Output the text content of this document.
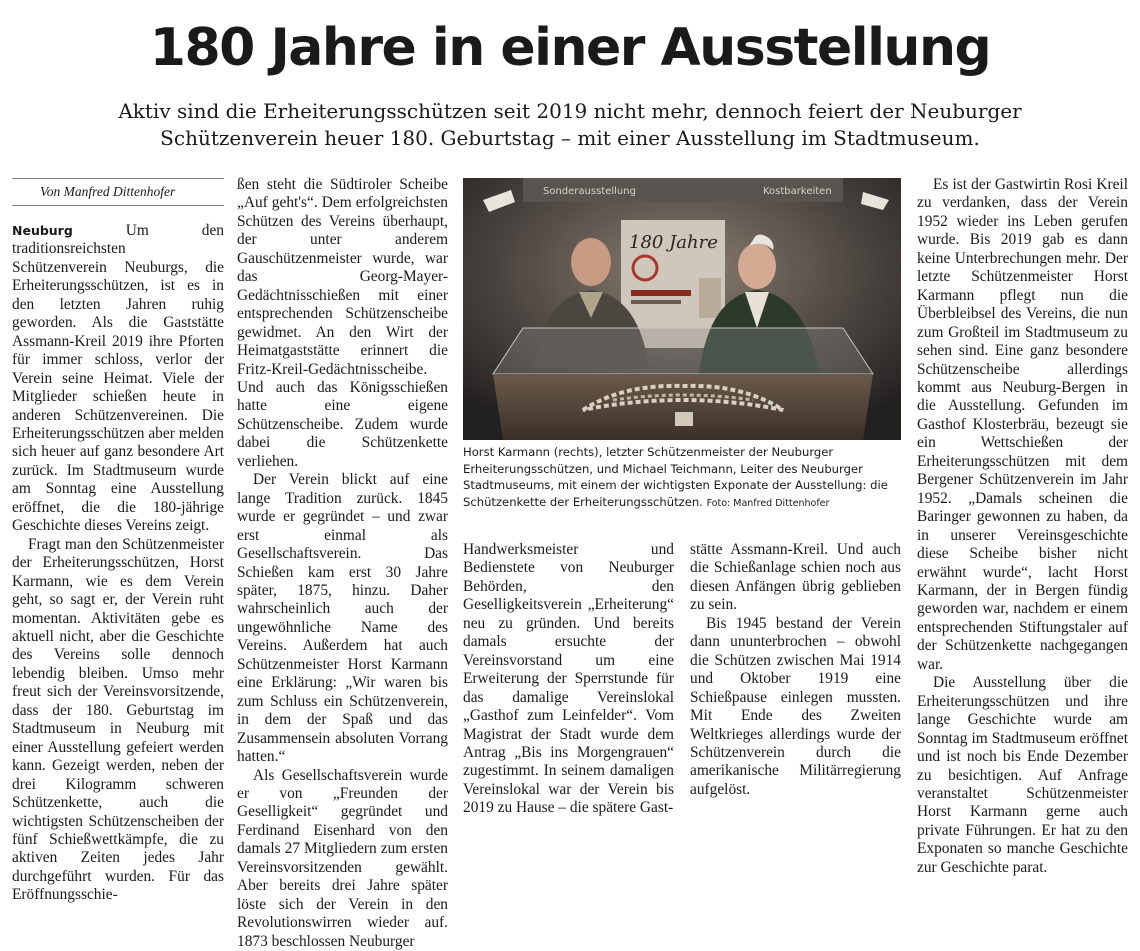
180 Jahre in einer Ausstellung
Aktiv sind die Erheiterungsschützen seit 2019 nicht mehr, dennoch feiert der Neuburger Schützenverein heuer 180. Geburtstag – mit einer Ausstellung im Stadtmuseum.
Von Manfred Dittenhofer

Neuburg	Um den traditionsreichsten Schützenverein Neuburgs, die Erheiterungsschützen, ist es in den letzten Jahren ruhig geworden. Als die Gaststätte Assmann-Kreil 2019 ihre Pforten für immer schloss, verlor der Verein seine Heimat. Viele der Mitglieder schießen heute in anderen Schützenvereinen. Die Erheiterungsschützen aber melden sich heuer auf ganz besondere Art zurück. Im Stadtmuseum wurde am Sonntag eine Ausstellung eröffnet, die die 180-jährige Geschichte dieses Vereins zeigt.

Fragt man den Schützenmeister der Erheiterungsschützen, Horst Karmann, wie es dem Verein geht, so sagt er, der Verein ruht momentan. Aktivitäten gebe es aktuell nicht, aber die Geschichte des Vereins solle dennoch lebendig bleiben. Umso mehr freut sich der Vereinsvorsitzende, dass der 180. Geburtstag im Stadtmuseum in Neuburg mit einer Ausstellung gefeiert werden kann. Gezeigt werden, neben der drei Kilogramm schweren Schützenkette, auch die wichtigsten Schützenscheiben der fünf Schießwettkämpfe, die zu aktiven Zeiten jedes Jahr durchgeführt wurden. Für das Eröffnungsschie-

ßen steht die Südtiroler Scheibe „Auf geht's“. Dem erfolgreichsten Schützen des Vereins überhaupt, der unter anderem Gauschützenmeister wurde, war das Georg-Mayer-Gedächtnisschießen mit einer entsprechenden Schützenscheibe gewidmet. An den Wirt der Heimatgaststätte erinnert die Fritz-Kreil-Gedächtnisscheibe. Und auch das Königsschießen hatte eine eigene Schützenscheibe. Zudem wurde dabei die Schützenkette verliehen.

Der Verein blickt auf eine lange Tradition zurück. 1845 wurde er gegründet – und zwar erst einmal als Gesellschaftsverein. Das Schießen kam erst 30 Jahre später, 1875, hinzu. Daher wahrscheinlich auch der ungewöhnliche Name des Vereins. Außerdem hat auch Schützenmeister Horst Karmann eine Erklärung: „Wir waren bis zum Schluss ein Schützenverein, in dem der Spaß und das Zusammensein absoluten Vorrang hatten.“

Als Gesellschaftsverein wurde er von „Freunden der Geselligkeit“ gegründet und Ferdinand Eisenhard von den damals 27 Mitgliedern zum ersten Vereinsvorsitzenden gewählt. Aber bereits drei Jahre später löste sich der Verein in den Revolutionswirren wieder auf. 1873 beschlossen Neuburger

Sonderausstellung	Kostbarkeiten
180 Jahre
Horst Karmann (rechts), letzter Schützenmeister der Neuburger Erheiterungsschützen, und Michael Teichmann, Leiter des Neuburger Stadtmuseums, mit einem der wichtigsten Exponate der Ausstellung: die Schützenkette der Erheiterungsschützen. Foto: Manfred Dittenhofer

Handwerksmeister und Bedienstete von Neuburger Behörden, den Geselligkeitsverein „Erheiterung“ neu zu gründen. Und bereits damals ersuchte der Vereinsvorstand um eine Erweiterung der Sperrstunde für das damalige Vereinslokal „Gasthof zum Leinfelder“. Vom Magistrat der Stadt wurde dem Antrag „Bis ins Morgengrauen“ zugestimmt. In seinem damaligen Vereinslokal war der Verein bis 2019 zu Hause – die spätere Gast-

stätte Assmann-Kreil. Und auch die Schießanlage schien noch aus diesen Anfängen übrig geblieben zu sein.

Bis 1945 bestand der Verein dann ununterbrochen – obwohl die Schützen zwischen Mai 1914 und Oktober 1919 eine Schießpause einlegen mussten. Mit Ende des Zweiten Weltkrieges allerdings wurde der Schützenverein durch die amerikanische Militärregierung aufgelöst.

Es ist der Gastwirtin Rosi Kreil zu verdanken, dass der Verein 1952 wieder ins Leben gerufen wurde. Bis 2019 gab es dann keine Unterbrechungen mehr. Der letzte Schützenmeister Horst Karmann pflegt nun die Überbleibsel des Vereins, die nun zum Großteil im Stadtmuseum zu sehen sind. Eine ganz besondere Schützenscheibe allerdings kommt aus Neuburg-Bergen in die Ausstellung. Gefunden im Gasthof Klosterbräu, bezeugt sie ein Wettschießen der Erheiterungsschützen mit dem Bergener Schützenverein im Jahr 1952. „Damals scheinen die Baringer gewonnen zu haben, da in unserer Vereinsgeschichte diese Scheibe bisher nicht erwähnt wurde“, lacht Horst Karmann, der in Bergen fündig geworden war, nachdem er einem entsprechenden Stiftungstaler auf der Schützenkette nachgegangen war.

Die Ausstellung über die Erheiterungsschützen und ihre lange Geschichte wurde am Sonntag im Stadtmuseum eröffnet und ist noch bis Ende Dezember zu besichtigen. Auf Anfrage veranstaltet Schützenmeister Horst Karmann gerne auch private Führungen. Er hat zu den Exponaten so manche Geschichte zur Geschichte parat.
